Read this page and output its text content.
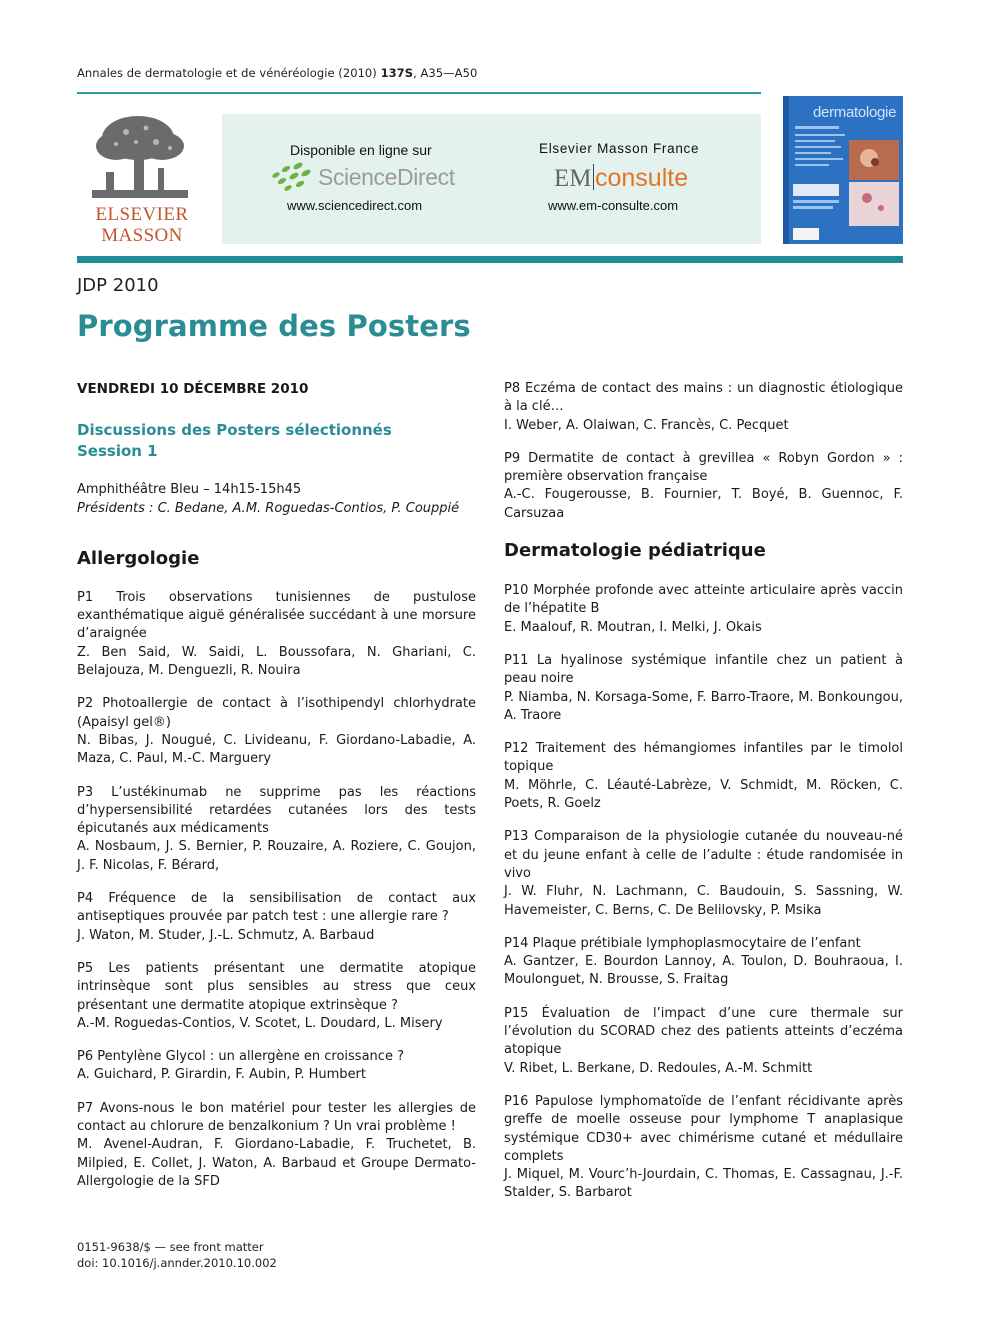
Annales de dermatologie et de vénéréologie (2010) 137S, A35—A50
ELSEVIER
MASSON
Disponible en ligne sur
ScienceDirect
www.sciencedirect.com
Elsevier Masson France
EM consulte
www.em-consulte.com
dermatologie
JDP 2010
Programme des Posters
VENDREDI 10 DÉCEMBRE 2010
Discussions des Posters sélectionnés
Session 1
Amphithéâtre Bleu – 14h15-15h45
Présidents : C. Bedane, A.M. Roguedas-Contios, P. Couppié
Allergologie
P1 Trois observations tunisiennes de pustulose exanthématique aiguë généralisée succédant à une morsure d’araignée
Z. Ben Said, W. Saidi, L. Boussofara, N. Ghariani, C. Belajouza, M. Denguezli, R. Nouira
P2 Photoallergie de contact à l’isothipendyl chlorhydrate (Apaisyl gel®)
N. Bibas, J. Nougué, C. Livideanu, F. Giordano-Labadie, A. Maza, C. Paul, M.-C. Marguery
P3 L’ustékinumab ne supprime pas les réactions d’hypersensibilité retardées cutanées lors des tests épicutanés aux médicaments
A. Nosbaum, J. S. Bernier, P. Rouzaire, A. Roziere, C. Goujon, J. F. Nicolas, F. Bérard,
P4 Fréquence de la sensibilisation de contact aux antiseptiques prouvée par patch test : une allergie rare ?
J. Waton, M. Studer, J.-L. Schmutz, A. Barbaud
P5 Les patients présentant une dermatite atopique intrinsèque sont plus sensibles au stress que ceux présentant une dermatite atopique extrinsèque ?
A.-M. Roguedas-Contios, V. Scotet, L. Doudard, L. Misery
P6 Pentylène Glycol : un allergène en croissance ?
A. Guichard, P. Girardin, F. Aubin, P. Humbert
P7 Avons-nous le bon matériel pour tester les allergies de contact au chlorure de benzalkonium ? Un vrai problème !
M. Avenel-Audran, F. Giordano-Labadie, F. Truchetet, B. Milpied, E. Collet, J. Waton, A. Barbaud et Groupe Dermato-Allergologie de la SFD
P8 Eczéma de contact des mains : un diagnostic étiologique à la clé…
I. Weber, A. Olaiwan, C. Francès, C. Pecquet
P9 Dermatite de contact à grevillea « Robyn Gordon » : première observation française
A.-C. Fougerousse, B. Fournier, T. Boyé, B. Guennoc, F. Carsuzaa
Dermatologie pédiatrique
P10 Morphée profonde avec atteinte articulaire après vaccin de l’hépatite B
E. Maalouf, R. Moutran, I. Melki, J. Okais
P11 La hyalinose systémique infantile chez un patient à peau noire
P. Niamba, N. Korsaga-Some, F. Barro-Traore, M. Bonkoungou, A. Traore
P12 Traitement des hémangiomes infantiles par le timolol topique
M. Möhrle, C. Léauté-Labrèze, V. Schmidt, M. Röcken, C. Poets, R. Goelz
P13 Comparaison de la physiologie cutanée du nouveau-né et du jeune enfant à celle de l’adulte : étude randomisée in vivo
J. W. Fluhr, N. Lachmann, C. Baudouin, S. Sassning, W. Havemeister, C. Berns, C. De Belilovsky, P. Msika
P14 Plaque prétibiale lymphoplasmocytaire de l’enfant
A. Gantzer, E. Bourdon Lannoy, A. Toulon, D. Bouhraoua, I. Moulonguet, N. Brousse, S. Fraitag
P15 Évaluation de l’impact d’une cure thermale sur l’évolution du SCORAD chez des patients atteints d’eczéma atopique
V. Ribet, L. Berkane, D. Redoules, A.-M. Schmitt
P16 Papulose lymphomatoïde de l’enfant récidivante après greffe de moelle osseuse pour lymphome T anaplasique systémique CD30+ avec chimérisme cutané et médullaire complets
J. Miquel, M. Vourc’h-Jourdain, C. Thomas, E. Cassagnau, J.-F. Stalder, S. Barbarot
0151-9638/$ — see front matter
doi: 10.1016/j.annder.2010.10.002
